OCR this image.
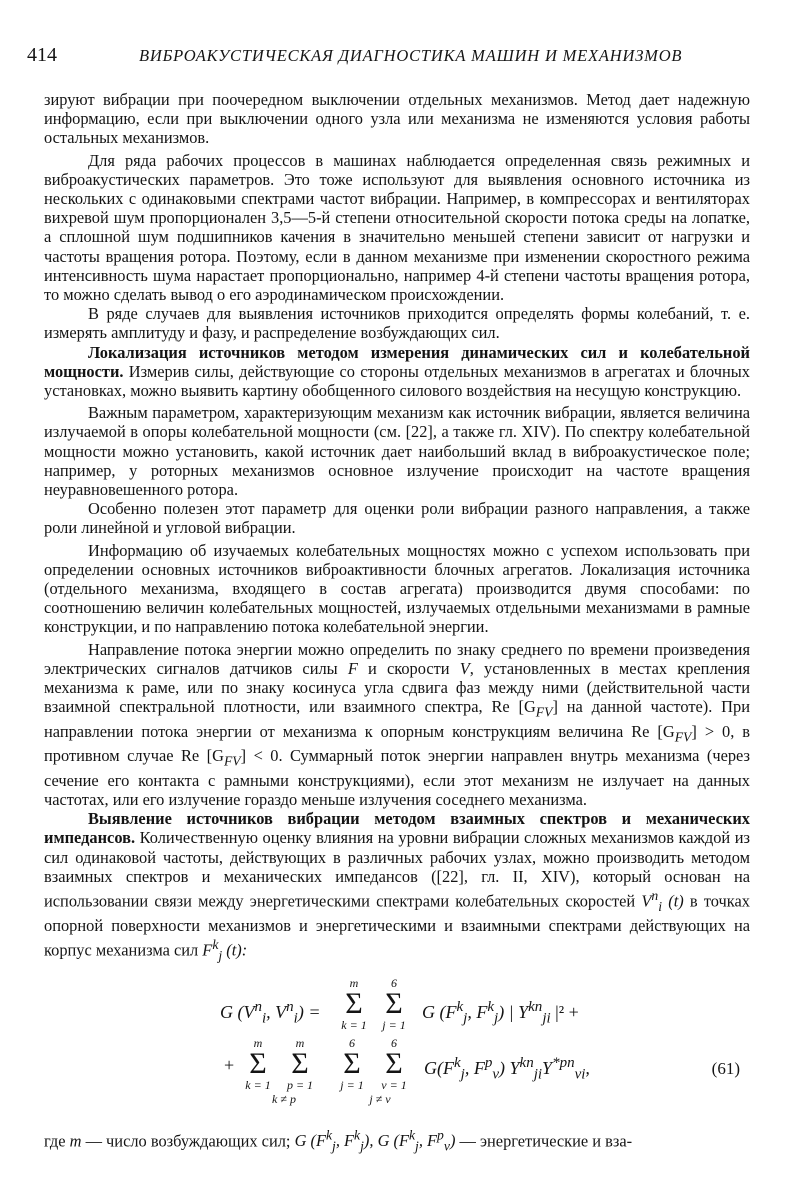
414	ВИБРОАКУСТИЧЕСКАЯ ДИАГНОСТИКА МАШИН И МЕХАНИЗМОВ

зируют вибрации при поочередном выключении отдельных механизмов. Метод дает надежную информацию, если при выключении одного узла или механизма не изменяются условия работы остальных механизмов.

Для ряда рабочих процессов в машинах наблюдается определенная связь режимных и виброакустических параметров. Это тоже используют для выявления основного источника из нескольких с одинаковыми спектрами частот вибрации. Например, в компрессорах и вентиляторах вихревой шум пропорционален 3,5—5-й степени относительной скорости потока среды на лопатке, а сплошной шум подшипников качения в значительно меньшей степени зависит от нагрузки и частоты вращения ротора. Поэтому, если в данном механизме при изменении скоростного режима интенсивность шума нарастает пропорционально, например 4-й степени частоты вращения ротора, то можно сделать вывод о его аэродинамическом происхождении.

В ряде случаев для выявления источников приходится определять формы колебаний, т. е. измерять амплитуду и фазу, и распределение возбуждающих сил.

Локализация источников методом измерения динамических сил и колебательной мощности. Измерив силы, действующие со стороны отдельных механизмов в агрегатах и блочных установках, можно выявить картину обобщенного силового воздействия на несущую конструкцию.

Важным параметром, характеризующим механизм как источник вибрации, является величина излучаемой в опоры колебательной мощности (см. [22], а также гл. XIV). По спектру колебательной мощности можно установить, какой источник дает наибольший вклад в виброакустическое поле; например, у роторных механизмов основное излучение происходит на частоте вращения неуравновешенного ротора.

Особенно полезен этот параметр для оценки роли вибрации разного направления, а также роли линейной и угловой вибрации.

Информацию об изучаемых колебательных мощностях можно с успехом использовать при определении основных источников виброактивности блочных агрегатов. Локализация источника (отдельного механизма, входящего в состав агрегата) производится двумя способами: по соотношению величин колебательных мощностей, излучаемых отдельными механизмами в рамные конструкции, и по направлению потока колебательной энергии.

Направление потока энергии можно определить по знаку среднего по времени произведения электрических сигналов датчиков силы F и скорости V, установленных в местах крепления механизма к раме, или по знаку косинуса угла сдвига фаз между ними (действительной части взаимной спектральной плотности, или взаимного спектра, Re $[G_{FV}]$ на данной частоте). При направлении потока энергии от механизма к опорным конструкциям величина Re $[G_{FV}] > 0$, в противном случае Re $[G_{FV}] < 0$. Суммарный поток энергии направлен внутрь механизма (через сечение его контакта с рамными конструкциями), если этот механизм не излучает на данных частотах, или его излучение гораздо меньше излучения соседнего механизма.

Выявление источников вибрации методом взаимных спектров и механических импедансов. Количественную оценку влияния на уровни вибрации сложных механизмов каждой из сил одинаковой частоты, действующих в различных рабочих узлах, можно производить методом взаимных спектров и механических импедансов ([22], гл. II, XIV), который основан на использовании связи между энергетическими спектрами колебательных скоростей $V^n_i$ (t) в точках опорной поверхности механизмов и энергетическими и взаимными спектрами действующих на корпус механизма сил $F^k_j$ (t):

G ($V^n_i$, $V^n_i$) =
m
Σ
k = 1
6
Σ
j = 1
G ($F^k_j$, $F^k_j$) | $Y^{kn}_{ji}$ |² +
+
m
Σ
k = 1
m
Σ
p = 1
k ≠ p
6
Σ
j = 1
6
Σ
ν = 1
j ≠ ν
$G(F^k_j$, $F^p_\nu$) $Y^{kn}_{ji}Y^{*pn}_{\nu i}$,	(61)
где m — число возбуждающих сил; G ($F^k_j$, $F^k_j$), G ($F^k_j$, $F^p_\nu$) — энергетические и вза-
